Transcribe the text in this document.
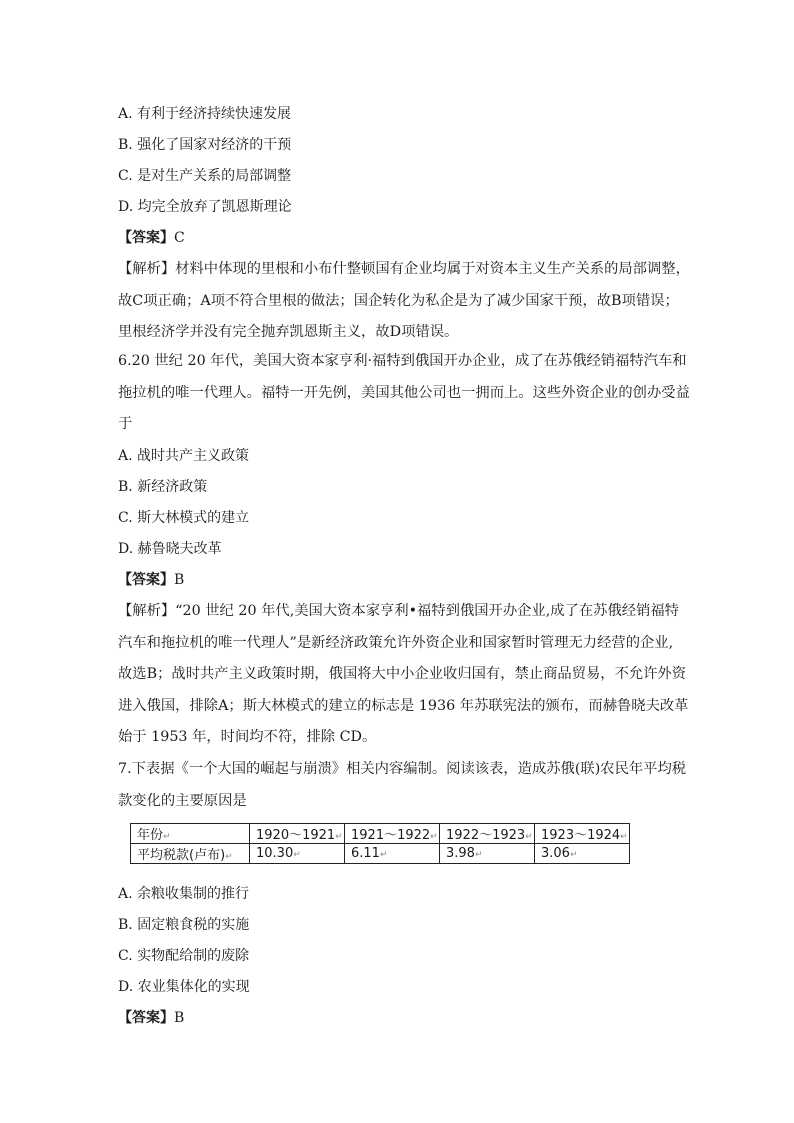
A. 有利于经济持续快速发展
B. 强化了国家对经济的干预
C. 是对生产关系的局部调整
D. 均完全放弃了凯恩斯理论
【答案】C
【解析】材料中体现的里根和小布什整顿国有企业均属于对资本主义生产关系的局部调整，
故C项正确；A项不符合里根的做法；国企转化为私企是为了减少国家干预，故B项错误；
里根经济学并没有完全抛弃凯恩斯主义，故D项错误。
6.20 世纪 20 年代，美国大资本家亨利·福特到俄国开办企业，成了在苏俄经销福特汽车和
拖拉机的唯一代理人。福特一开先例，美国其他公司也一拥而上。这些外资企业的创办受益
于
A. 战时共产主义政策
B. 新经济政策
C. 斯大林模式的建立
D. 赫鲁晓夫改革
【答案】B
【解析】“20 世纪 20 年代,美国大资本家亨利•福特到俄国开办企业,成了在苏俄经销福特
汽车和拖拉机的唯一代理人”是新经济政策允许外资企业和国家暂时管理无力经营的企业,
故选B；战时共产主义政策时期，俄国将大中小企业收归国有，禁止商品贸易，不允许外资
进入俄国，排除A；斯大林模式的建立的标志是 1936 年苏联宪法的颁布，而赫鲁晓夫改革
始于 1953 年，时间均不符，排除 CD。
7.下表据《一个大国的崛起与崩溃》相关内容编制。阅读该表，造成苏俄(联)农民年平均税
款变化的主要原因是
年份↵	1920～1921↵	1921～1922↵	1922～1923↵	1923～1924↵
平均税款(卢布)↵	10.30↵	6.11↵	3.98↵	3.06↵
A. 余粮收集制的推行
B. 固定粮食税的实施
C. 实物配给制的废除
D. 农业集体化的实现
【答案】B
